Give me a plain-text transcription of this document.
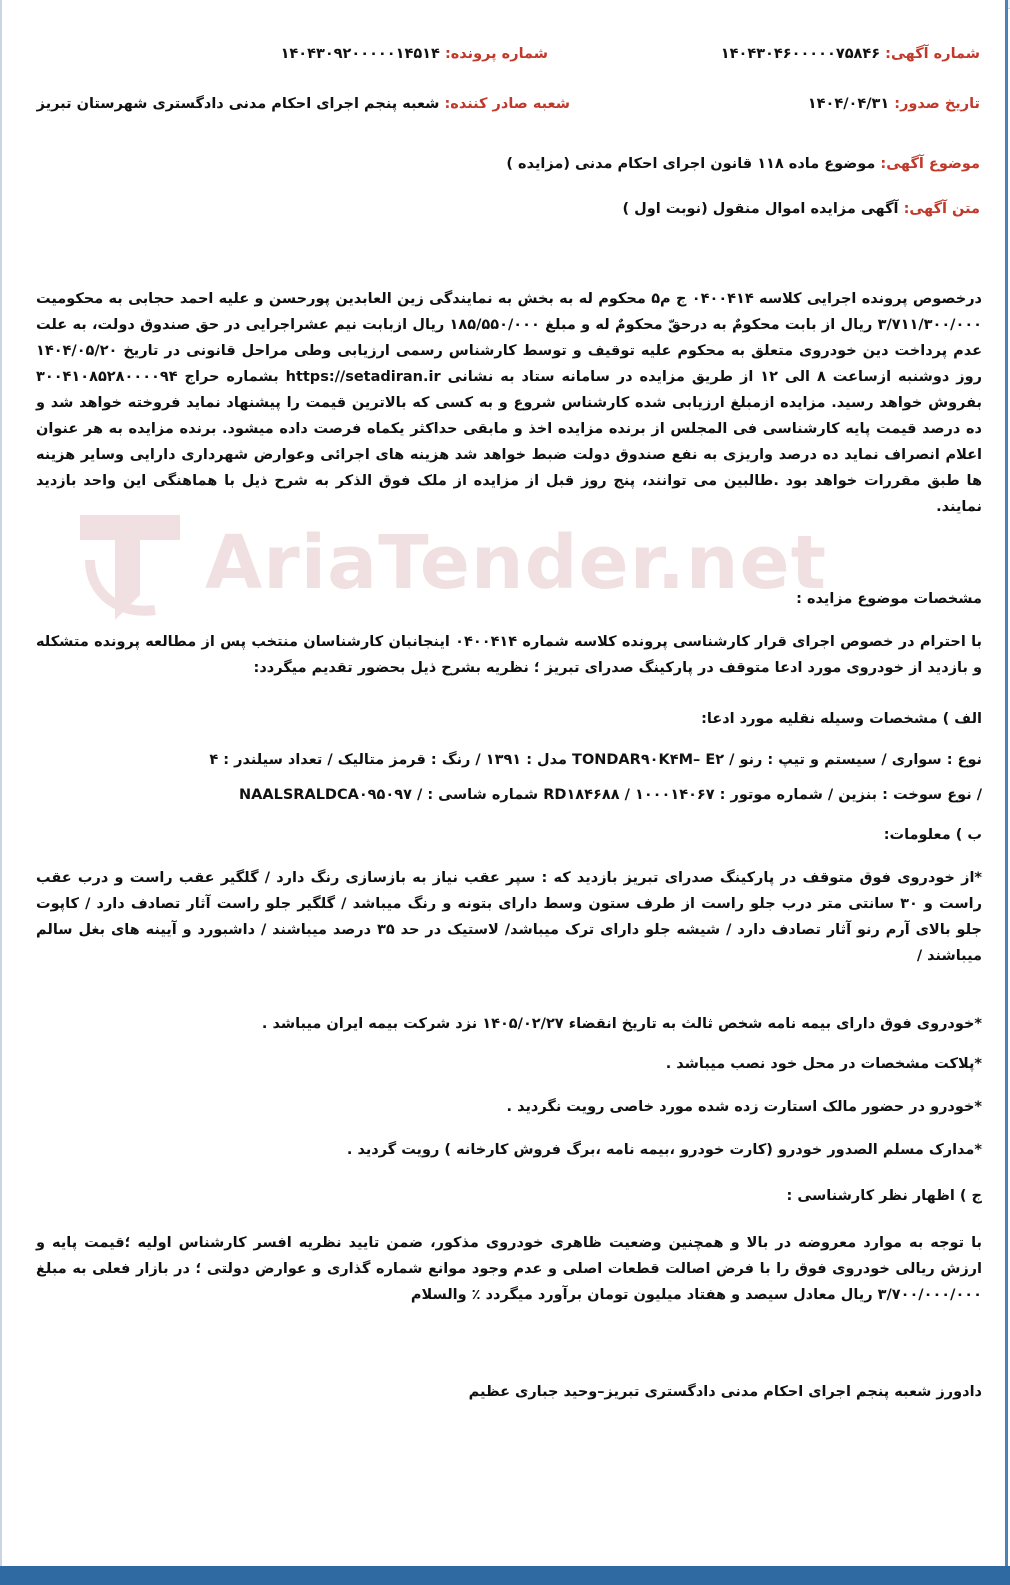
شماره آگهی: ۱۴۰۴۳۰۴۶۰۰۰۰۰۷۵۸۴۶
شماره پرونده: ۱۴۰۴۳۰۹۲۰۰۰۰۰۱۴۵۱۴
تاریخ صدور: ۱۴۰۴/۰۴/۳۱
شعبه صادر کننده: شعبه پنجم اجرای احکام مدنی دادگستری شهرستان تبریز
موضوع آگهی: موضوع ماده ۱۱۸ قانون اجرای احکام مدنی (مزایده )
متن آگهی: آگهی مزایده اموال منقول (نوبت اول )
درخصوص پرونده اجرایی کلاسه ۰۴۰۰۴۱۴ ج م۵ محکوم له به بخش به نمایندگی زین العابدین پورحسن و علیه احمد حجابی به محکومیت ۳/۷۱۱/۳۰۰/۰۰۰ ریال از بابت محکومٌ به درحقّ محکومٌ له و مبلغ ۱۸۵/۵۵۰/۰۰۰ ریال ازبابت نیم عشراجرایی در حق صندوق دولت، به علت عدم پرداخت دین خودروی متعلق به محکوم علیه توقیف و توسط کارشناس رسمی ارزیابی وطی مراحل قانونی در تاریخ ۱۴۰۴/۰۵/۲۰ روز دوشنبه ازساعت ۸ الی ۱۲ از طریق مزایده در سامانه ستاد به نشانی https://setadiran.ir بشماره حراج ۳۰۰۴۱۰۸۵۲۸۰۰۰۰۹۴ بفروش خواهد رسید. مزایده ازمبلغ ارزیابی شده کارشناس شروع و به کسی که بالاترین قیمت را پیشنهاد نماید فروخته خواهد شد و ده درصد قیمت پایه کارشناسی فی المجلس از برنده مزایده اخذ و مابقی حداکثر یکماه فرصت داده میشود. برنده مزایده به هر عنوان اعلام انصراف نماید ده درصد واریزی به نفع صندوق دولت ضبط خواهد شد هزینه های اجرائی وعوارض شهرداری دارایی وسایر هزینه ها طبق مقررات خواهد بود .طالبین می توانند، پنج روز قبل از مزایده از ملک فوق الذکر به شرح ذیل با هماهنگی این واحد بازدید نمایند.
مشخصات موضوع مزایده :
با احترام در خصوص اجرای قرار کارشناسی پرونده کلاسه شماره ۰۴۰۰۴۱۴ اینجانبان کارشناسان منتخب پس از مطالعه پرونده متشکله و بازدید از خودروی مورد ادعا متوقف در پارکینگ صدرای تبریز ؛ نظریه بشرح ذیل بحضور تقدیم میگردد:
الف ) مشخصات وسیله نقلیه مورد ادعا:
نوع : سواری / سیستم و تیپ : رنو / TONDAR۹۰K۴M– E۲ مدل : ۱۳۹۱ / رنگ : قرمز متالیک / تعداد سیلندر : ۴
/ نوع سوخت : بنزین / شماره موتور : ۱۰۰۰۱۴۰۶۷ / RD۱۸۴۶۸۸ شماره شاسی : / NAALSRALDCA۰۹۵۰۹۷
ب ) معلومات:
*از خودروی فوق متوقف در پارکینگ صدرای تبریز بازدید که : سپر عقب نیاز به بازسازی رنگ دارد / گلگیر عقب راست و درب عقب راست و ۳۰ سانتی متر درب جلو راست از طرف ستون وسط دارای بتونه و رنگ میباشد / گلگیر جلو راست آثار تصادف دارد / کاپوت جلو بالای آرم رنو آثار تصادف دارد / شیشه جلو دارای ترک میباشد/ لاستیک در حد ۳۵ درصد میباشند / داشبورد و آیینه های بغل سالم میباشند /
*خودروی فوق دارای بیمه نامه شخص ثالث به تاریخ انقضاء ۱۴۰۵/۰۲/۲۷ نزد شرکت بیمه ایران میباشد .
*پلاکت مشخصات در محل خود نصب میباشد .
*خودرو در حضور مالک استارت زده شده مورد خاصی رویت نگردید .
*مدارک مسلم الصدور خودرو (کارت خودرو ،بیمه نامه ،برگ فروش کارخانه ) رویت گردید .
ج ) اظهار نظر کارشناسی :
با توجه به موارد معروضه در بالا و همچنین وضعیت ظاهری خودروی مذکور، ضمن تایید نظریه افسر کارشناس اولیه ؛قیمت پایه و ارزش ریالی خودروی فوق را با فرض اصالت قطعات اصلی و عدم وجود موانع شماره گذاری و عوارض دولتی ؛ در بازار فعلی به مبلغ ۳/۷۰۰/۰۰۰/۰۰۰ ریال معادل سیصد و هفتاد میلیون تومان برآورد میگردد ٪ والسلام
دادورز شعبه پنجم اجرای احکام مدنی دادگستری تبریز–وحید جباری عظیم
